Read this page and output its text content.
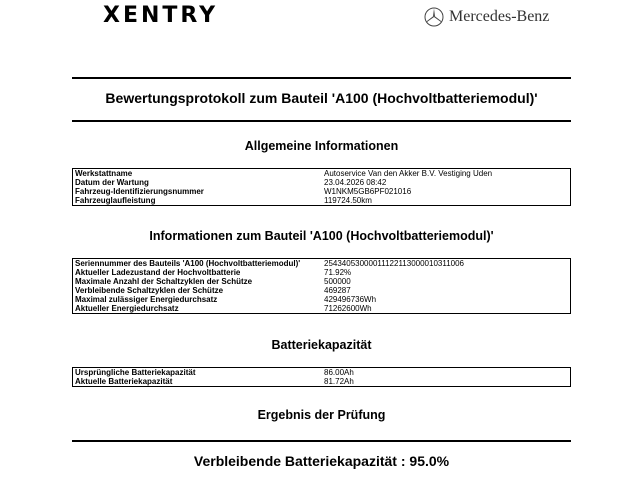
XENTRY	Mercedes-Benz
Bewertungsprotokoll zum Bauteil 'A100 (Hochvoltbatteriemodul)'
Allgemeine Informationen
Werkstattname	Autoservice Van den Akker B.V. Vestiging Uden
Datum der Wartung	23.04.2026 08:42
Fahrzeug-Identifizierungsnummer	W1NKM5GB6PF021016
Fahrzeuglaufleistung	119724.50km
Informationen zum Bauteil 'A100 (Hochvoltbatteriemodul)'
Seriennummer des Bauteils 'A100 (Hochvoltbatteriemodul)'	25434053000011122113000010311006
Aktueller Ladezustand der Hochvoltbatterie	71.92%
Maximale Anzahl der Schaltzyklen der Schütze	500000
Verbleibende Schaltzyklen der Schütze	469287
Maximal zulässiger Energiedurchsatz	429496736Wh
Aktueller Energiedurchsatz	71262600Wh
Batteriekapazität
Ursprüngliche Batteriekapazität	86.00Ah
Aktuelle Batteriekapazität	81.72Ah
Ergebnis der Prüfung
Verbleibende Batteriekapazität : 95.0%
